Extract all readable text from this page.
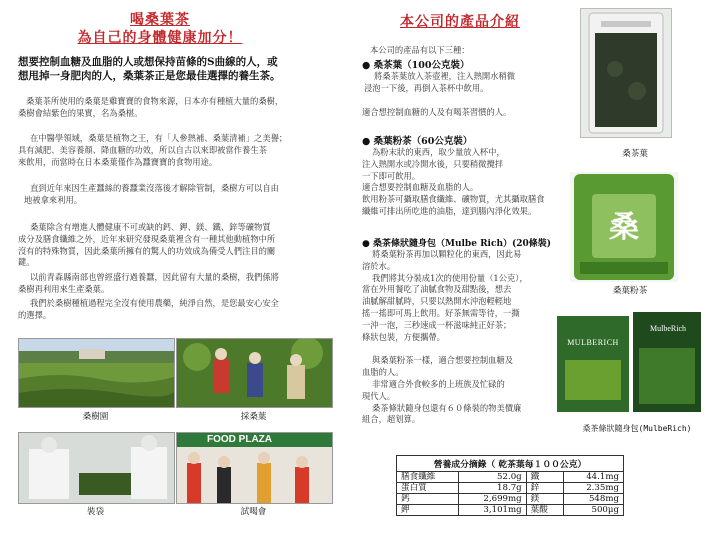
喝桑葉茶
為自己的身體健康加分！
想要控制血糖及血脂的人或想保持苗條的S曲線的人，或
想甩掉一身肥肉的人，桑葉茶正是您最佳選擇的養生茶。
桑葉茶所使用的桑葉是雞寶寶的食物來源，日本亦有種植大量的桑樹，
桑樹會結紫色的果實，名為桑椹。
在中醫學領域，桑葉是植物之王，有「人參熱補、桑葉清補」之美譽；
具有減肥、美容養顏、降血糖的功效，所以自古以來即被當作養生茶
來飲用，而當時在日本桑葉僅作為蠶寶寶的食物用途。
直到近年來因生產蠶絲的養蠶業沒落後才解除管制，桑樹方可以自由
地被拿來利用。
桑葉除含有增進人體健康不可或缺的鈣、鉀、鎂、鐵、鋅等礦物質
成分及膳食纖維之外，近年來研究發現桑葉裡含有一種其他動植物中所
沒有的特殊物質，因此桑葉所擁有的驚人的功效成為備受人們注目的關
鍵。
以前青森縣南部也曾經盛行過養蠶，因此留有大量的桑樹，我們係將
桑樹再利用來生產桑葉。
我們於桑樹種植過程完全沒有使用農藥，純淨自然，是您最安心安全
的選擇。
桑樹園	採桑葉
裝袋
FOOD PLAZA
試喝會
本公司的產品介紹
本公司的產品有以下三種：
● 桑茶葉（100公克裝）
將桑茶葉放入茶壺裡，注入熱開水稍微
浸泡一下後，再倒入茶杯中飲用。
適合想控制血糖的人及有喝茶習慣的人。
● 桑葉粉茶（60公克裝）
為粉末狀的東西，取少量放入杯中，
注入熱開水或冷開水後，只要稍微攪拌
一下即可飲用。
適合想要控制血糖及血脂的人。
飲用粉茶可攝取膳食纖維、礦物質，尤其攝取膳食
纖維可排出所吃進的油脂，達到腸內淨化效果。
● 桑茶條狀隨身包（Mulbe Rich）(20條裝)
將桑葉粉茶再加以顆粒化的東西，因此易
溶於水。
我們將其分裝成1次的使用份量（1公克），
當在外用餐吃了油膩食物及甜點後，想去
油膩解甜膩時，只要以熱開水沖泡輕輕地
搖一搖即可馬上飲用。好茶無需等待，一撕
一沖一泡，三秒速成一杯滋味純正好茶；
條狀包裝，方便攜帶。
與桑葉粉茶一樣，適合想要控制血糖及
血脂的人。
非常適合外食較多的上班族及忙碌的
現代人。
桑茶條狀隨身包還有６０條裝的物美價廉
組合，超划算。
桑茶葉
桑
桑葉粉茶
MULBERICH
MulbeRich
桑茶條狀隨身包(MulbeRich)
營養成分摘錄（ 乾茶葉每１００公克）			
膳食纖維	52.0g	鐵	44.1mg
蛋白質	18.7g	鋅	2.35mg
鈣	2,699mg	鎂	548mg
鉀	3,101mg	葉酸	500μg
